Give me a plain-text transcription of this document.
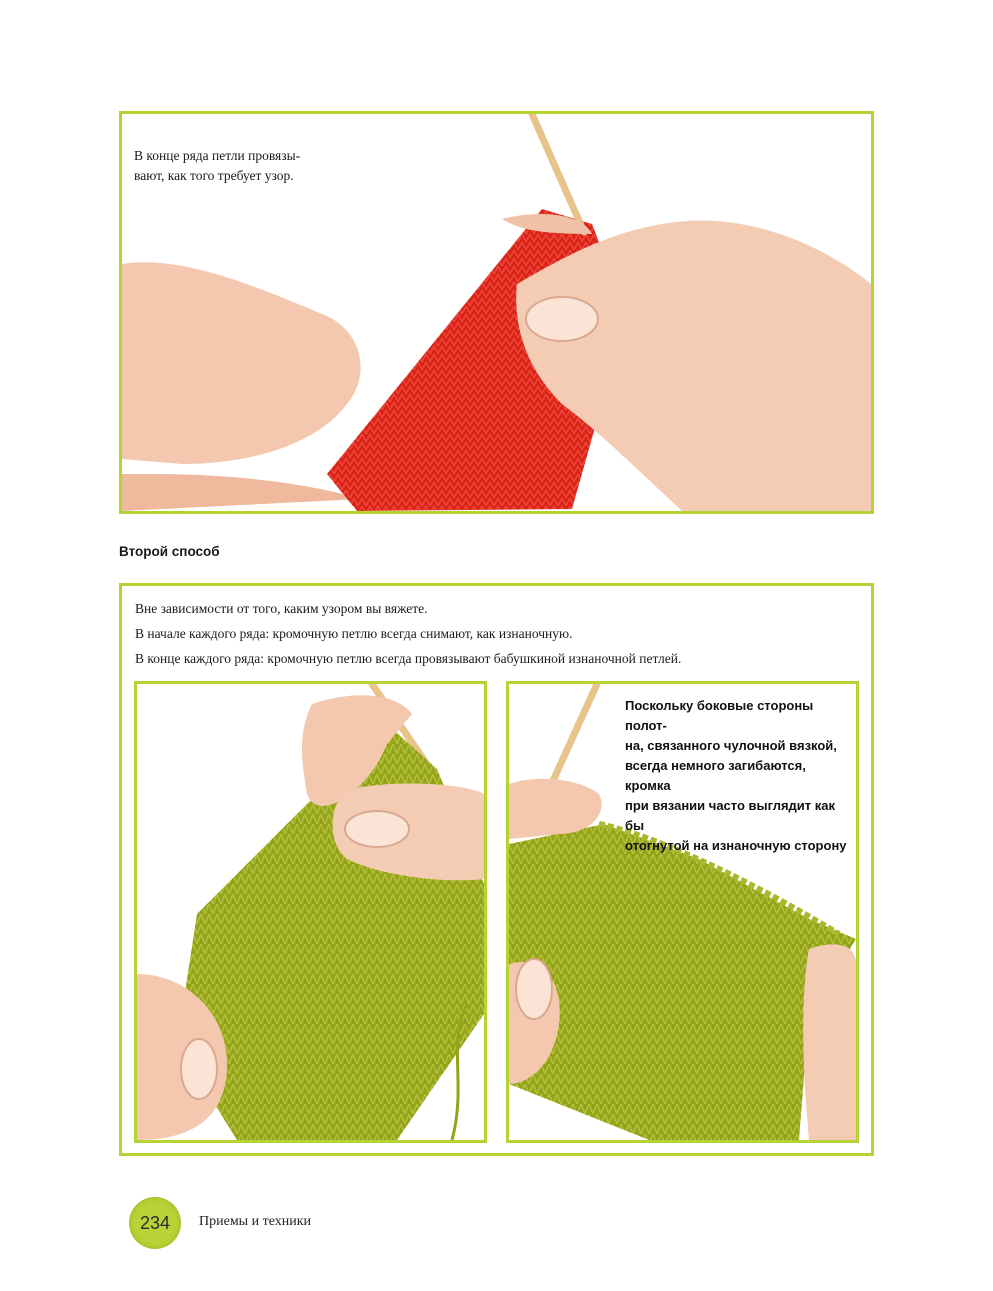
В конце ряда петли провязы-

вают, как того требует узор.

Второй способ

Вне зависимости от того, каким узором вы вяжете.

В начале каждого ряда: кромочную петлю всегда снимают, как изнаночную.

В конце каждого ряда: кромочную петлю всегда провязывают бабушкиной изнаночной петлей.

Поскольку боковые стороны полот-

на, связанного чулочной вязкой,

всегда немного загибаются, кромка

при вязании часто выглядит как бы

отогнутой на изнаночную сторону

234	Приемы и техники
